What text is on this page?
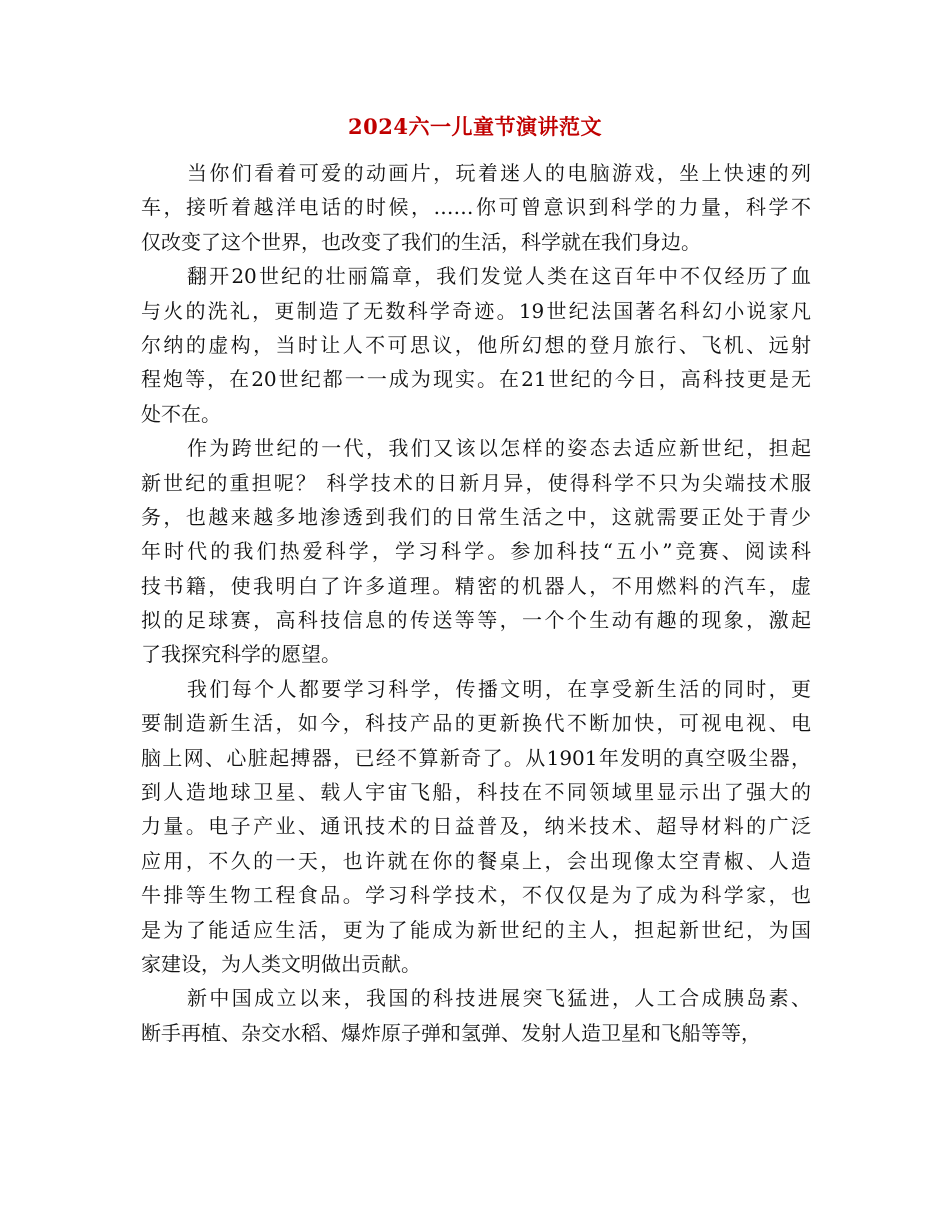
2024六一儿童节演讲范文
当你们看着可爱的动画片，玩着迷人的电脑游戏，坐上快速的列
车，接听着越洋电话的时候，……你可曾意识到科学的力量，科学不
仅改变了这个世界，也改变了我们的生活，科学就在我们身边。
翻开20世纪的壮丽篇章，我们发觉人类在这百年中不仅经历了血
与火的洗礼，更制造了无数科学奇迹。19世纪法国著名科幻小说家凡
尔纳的虚构，当时让人不可思议，他所幻想的登月旅行、飞机、远射
程炮等，在20世纪都一一成为现实。在21世纪的今日，高科技更是无
处不在。
作为跨世纪的一代，我们又该以怎样的姿态去适应新世纪，担起
新世纪的重担呢？ 科学技术的日新月异，使得科学不只为尖端技术服
务，也越来越多地渗透到我们的日常生活之中，这就需要正处于青少
年时代的我们热爱科学，学习科学。参加科技“五小”竞赛、阅读科
技书籍，使我明白了许多道理。精密的机器人，不用燃料的汽车，虚
拟的足球赛，高科技信息的传送等等，一个个生动有趣的现象，激起
了我探究科学的愿望。
我们每个人都要学习科学，传播文明，在享受新生活的同时，更
要制造新生活，如今，科技产品的更新换代不断加快，可视电视、电
脑上网、心脏起搏器，已经不算新奇了。从1901年发明的真空吸尘器，
到人造地球卫星、载人宇宙飞船，科技在不同领域里显示出了强大的
力量。电子产业、通讯技术的日益普及，纳米技术、超导材料的广泛
应用，不久的一天，也许就在你的餐桌上，会出现像太空青椒、人造
牛排等生物工程食品。学习科学技术，不仅仅是为了成为科学家，也
是为了能适应生活，更为了能成为新世纪的主人，担起新世纪，为国
家建设，为人类文明做出贡献。
新中国成立以来，我国的科技进展突飞猛进，人工合成胰岛素、
断手再植、杂交水稻、爆炸原子弹和氢弹、发射人造卫星和飞船等等，
